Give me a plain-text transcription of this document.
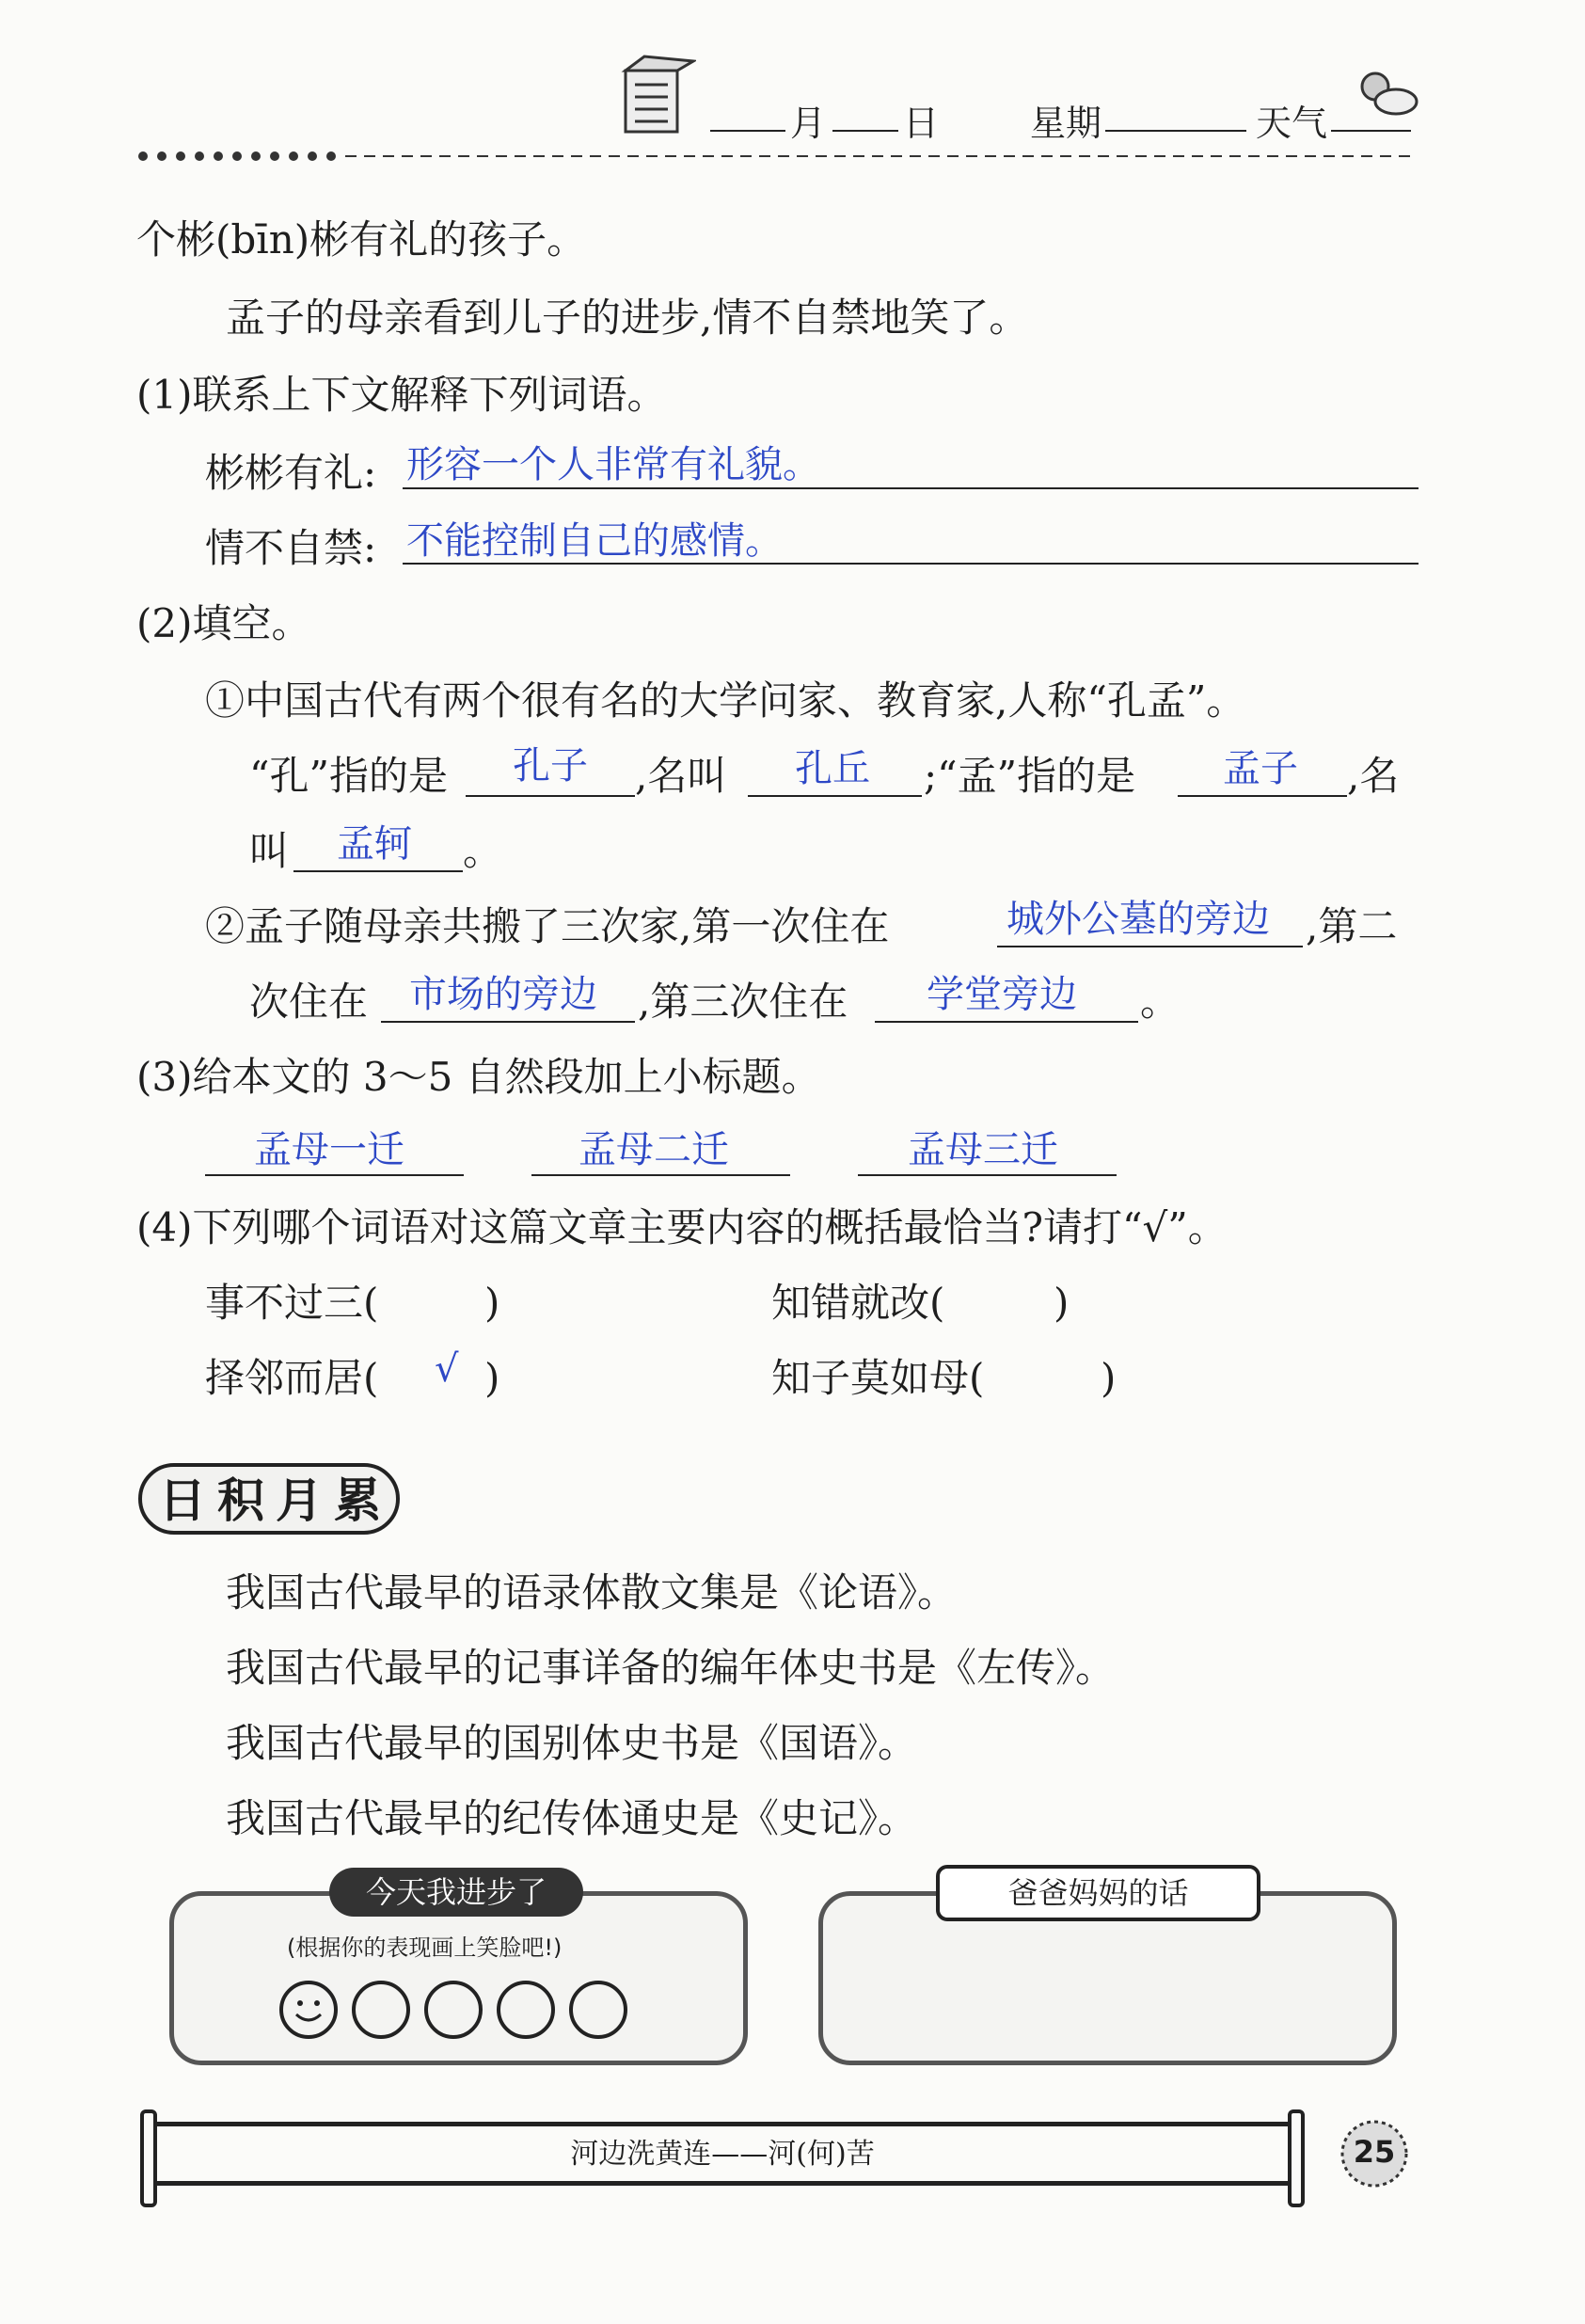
月 日	星期	天气
个彬(bīn)彬有礼的孩子。
孟子的母亲看到儿子的进步,情不自禁地笑了。
(1)联系上下文解释下列词语。
彬彬有礼: 形容一个人非常有礼貌。
情不自禁: 不能控制自己的感情。
(2)填空。
①中国古代有两个很有名的大学问家、教育家,人称“孔孟”。
“孔”指的是 孔子 ,名叫 孔丘 ;“孟”指的是 孟子 ,名
叫 孟轲 。
②孟子随母亲共搬了三次家,第一次住在	城外公墓的旁边 ,第二
次住在 市场的旁边 ,第三次住在 学堂旁边 。
(3)给本文的 3～5 自然段加上小标题。
孟母一迁	孟母二迁	孟母三迁
(4)下列哪个词语对这篇文章主要内容的概括最恰当?请打“√”。
事不过三(	)	知错就改(	)
择邻而居( √ )	知子莫如母(	)
日 积 月 累
我国古代最早的语录体散文集是《论语》。
我国古代最早的记事详备的编年体史书是《左传》。
我国古代最早的国别体史书是《国语》。
我国古代最早的纪传体通史是《史记》。
今天我进步了
(根据你的表现画上笑脸吧!)
爸爸妈妈的话
河边洗黄连——河(何)苦	25
